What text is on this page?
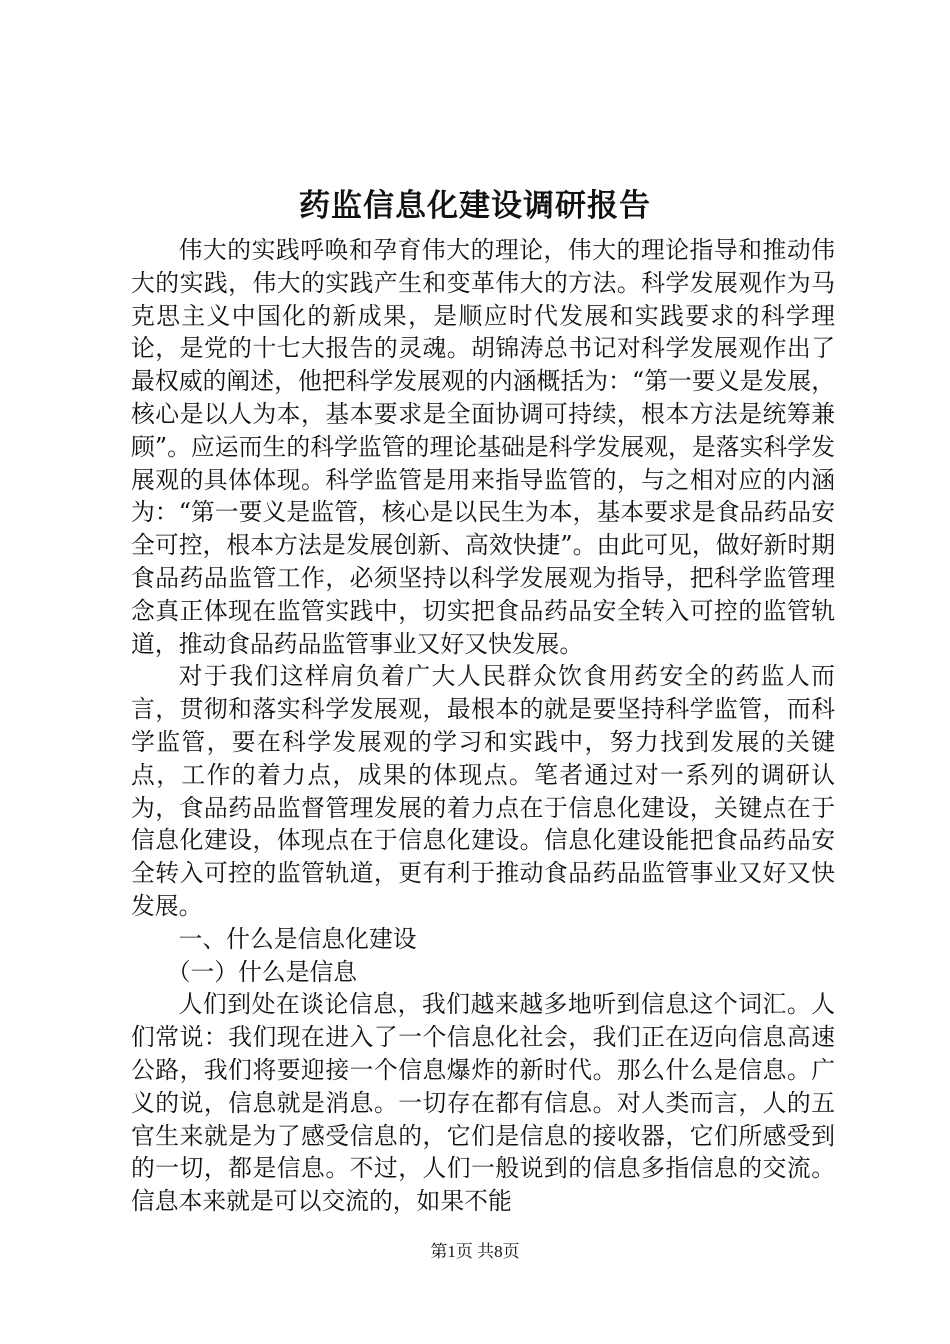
药监信息化建设调研报告

伟大的实践呼唤和孕育伟大的理论，伟大的理论指导和推动伟大的实践，伟大的实践产生和变革伟大的方法。科学发展观作为马克思主义中国化的新成果，是顺应时代发展和实践要求的科学理论，是党的十七大报告的灵魂。胡锦涛总书记对科学发展观作出了最权威的阐述，他把科学发展观的内涵概括为：“第一要义是发展，核心是以人为本，基本要求是全面协调可持续，根本方法是统筹兼顾”。应运而生的科学监管的理论基础是科学发展观，是落实科学发展观的具体体现。科学监管是用来指导监管的，与之相对应的内涵为：“第一要义是监管，核心是以民生为本，基本要求是食品药品安全可控，根本方法是发展创新、高效快捷”。由此可见，做好新时期食品药品监管工作，必须坚持以科学发展观为指导，把科学监管理念真正体现在监管实践中，切实把食品药品安全转入可控的监管轨道，推动食品药品监管事业又好又快发展。

对于我们这样肩负着广大人民群众饮食用药安全的药监人而言，贯彻和落实科学发展观，最根本的就是要坚持科学监管，而科学监管，要在科学发展观的学习和实践中，努力找到发展的关键点，工作的着力点，成果的体现点。笔者通过对一系列的调研认为，食品药品监督管理发展的着力点在于信息化建设，关键点在于信息化建设，体现点在于信息化建设。信息化建设能把食品药品安全转入可控的监管轨道，更有利于推动食品药品监管事业又好又快发展。

一、什么是信息化建设

（一）什么是信息

人们到处在谈论信息，我们越来越多地听到信息这个词汇。人们常说：我们现在进入了一个信息化社会，我们正在迈向信息高速公路，我们将要迎接一个信息爆炸的新时代。那么什么是信息。广义的说，信息就是消息。一切存在都有信息。对人类而言，人的五官生来就是为了感受信息的，它们是信息的接收器，它们所感受到的一切，都是信息。不过，人们一般说到的信息多指信息的交流。信息本来就是可以交流的，如果不能

第1页 共8页
